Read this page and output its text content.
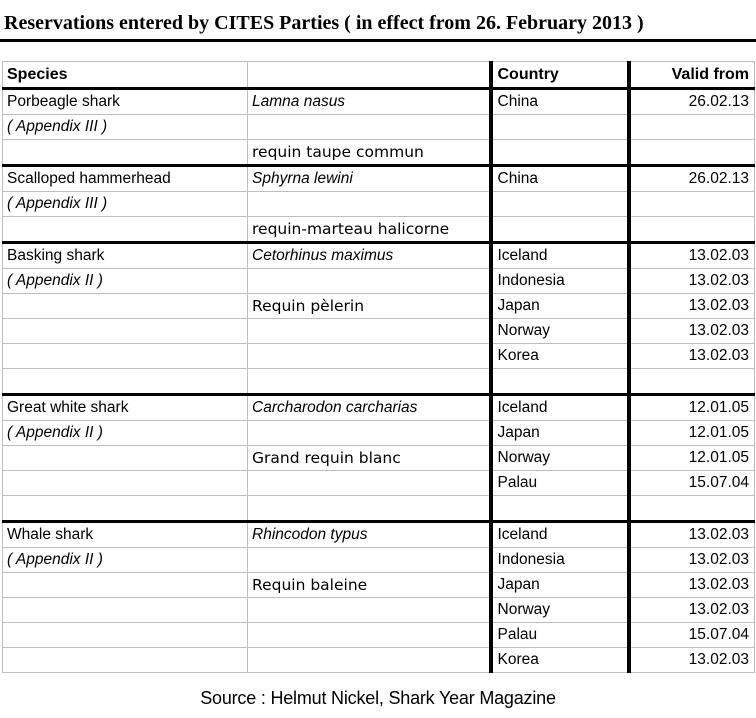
Reservations entered by CITES Parties ( in effect from 26. February 2013 )
Species		Country	Valid from
Porbeagle shark	Lamna nasus	China	26.02.13
( Appendix III )			
	requin taupe commun		
Scalloped hammerhead	Sphyrna lewini	China	26.02.13
( Appendix III )			
	requin-marteau halicorne		
Basking shark	Cetorhinus maximus	Iceland	13.02.03
( Appendix II )		Indonesia	13.02.03
	Requin pèlerin	Japan	13.02.03
		Norway	13.02.03
		Korea	13.02.03

Great white shark	Carcharodon carcharias	Iceland	12.01.05
( Appendix II )		Japan	12.01.05
	Grand requin blanc	Norway	12.01.05
		Palau	15.07.04

Whale shark	Rhincodon typus	Iceland	13.02.03
( Appendix II )		Indonesia	13.02.03
	Requin baleine	Japan	13.02.03
		Norway	13.02.03
		Palau	15.07.04
		Korea	13.02.03
Source : Helmut Nickel, Shark Year Magazine
